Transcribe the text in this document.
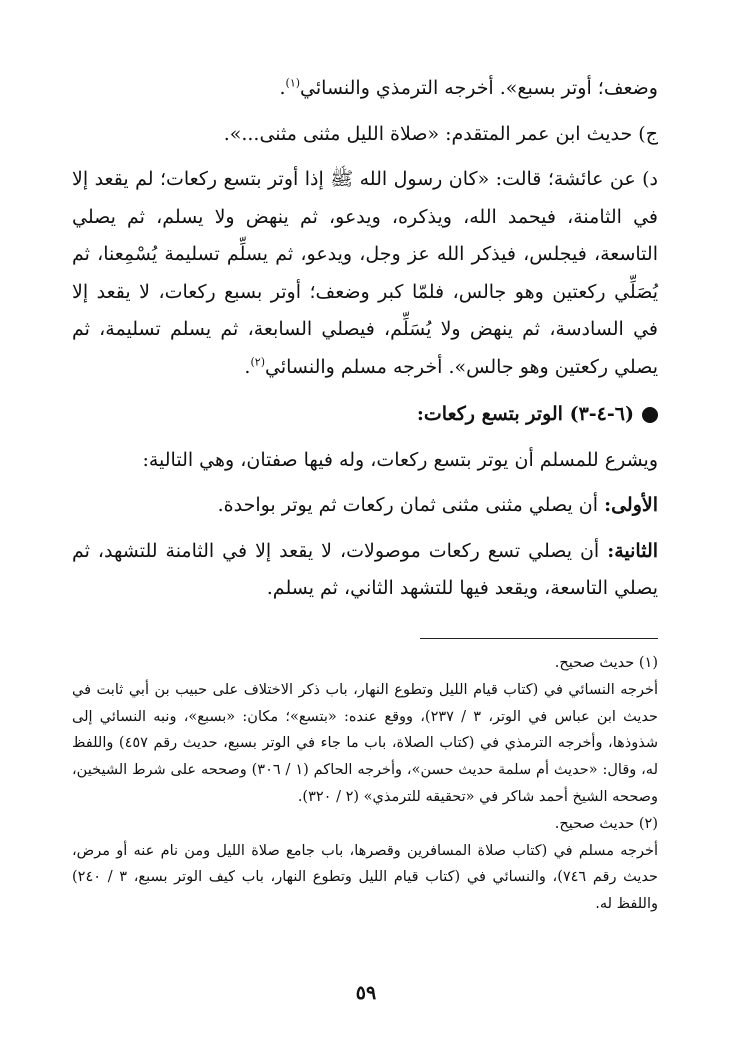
وضعف؛ أوتر بسبع». أخرجه الترمذي والنسائي$^{(١)}$.

ج) حديث ابن عمر المتقدم: «صلاة الليل مثنى مثنى...».

د) عن عائشة؛ قالت: «كان رسول الله ﷺ إذا أوتر بتسع ركعات؛ لم يقعد إلا في الثامنة، فيحمد الله، ويذكره، ويدعو، ثم ينهض ولا يسلم، ثم يصلي التاسعة، فيجلس، فيذكر الله عز وجل، ويدعو، ثم يسلِّم تسليمة يُسْمِعنا، ثم يُصَلِّي ركعتين وهو جالس، فلمّا كبر وضعف؛ أوتر بسبع ركعات، لا يقعد إلا في السادسة، ثم ينهض ولا يُسَلِّم، فيصلي السابعة، ثم يسلم تسليمة، ثم يصلي ركعتين وهو جالس». أخرجه مسلم والنسائي$^{(٢)}$.

(٦-٤-٣) الوتر بتسع ركعات:

ويشرع للمسلم أن يوتر بتسع ركعات، وله فيها صفتان، وهي التالية:

الأولى: أن يصلي مثنى مثنى ثمان ركعات ثم يوتر بواحدة.

الثانية: أن يصلي تسع ركعات موصولات، لا يقعد إلا في الثامنة للتشهد، ثم يصلي التاسعة، ويقعد فيها للتشهد الثاني، ثم يسلم.

(١) حديث صحيح.

أخرجه النسائي في (كتاب قيام الليل وتطوع النهار، باب ذكر الاختلاف على حبيب بن أبي ثابت في حديث ابن عباس في الوتر، ٣ / ٢٣٧)، ووقع عنده: «بتسع»؛ مكان: «بسبع»، ونبه النسائي إلى شذوذها، وأخرجه الترمذي في (كتاب الصلاة، باب ما جاء في الوتر بسبع، حديث رقم ٤٥٧) واللفظ له، وقال: «حديث أم سلمة حديث حسن»، وأخرجه الحاكم (١ / ٣٠٦) وصححه على شرط الشيخين، وصححه الشيخ أحمد شاكر في «تحقيقه للترمذي» (٢ / ٣٢٠).

(٢) حديث صحيح.

أخرجه مسلم في (كتاب صلاة المسافرين وقصرها، باب جامع صلاة الليل ومن نام عنه أو مرض، حديث رقم ٧٤٦)، والنسائي في (كتاب قيام الليل وتطوع النهار، باب كيف الوتر بسبع، ٣ / ٢٤٠) واللفظ له.

٥٩
